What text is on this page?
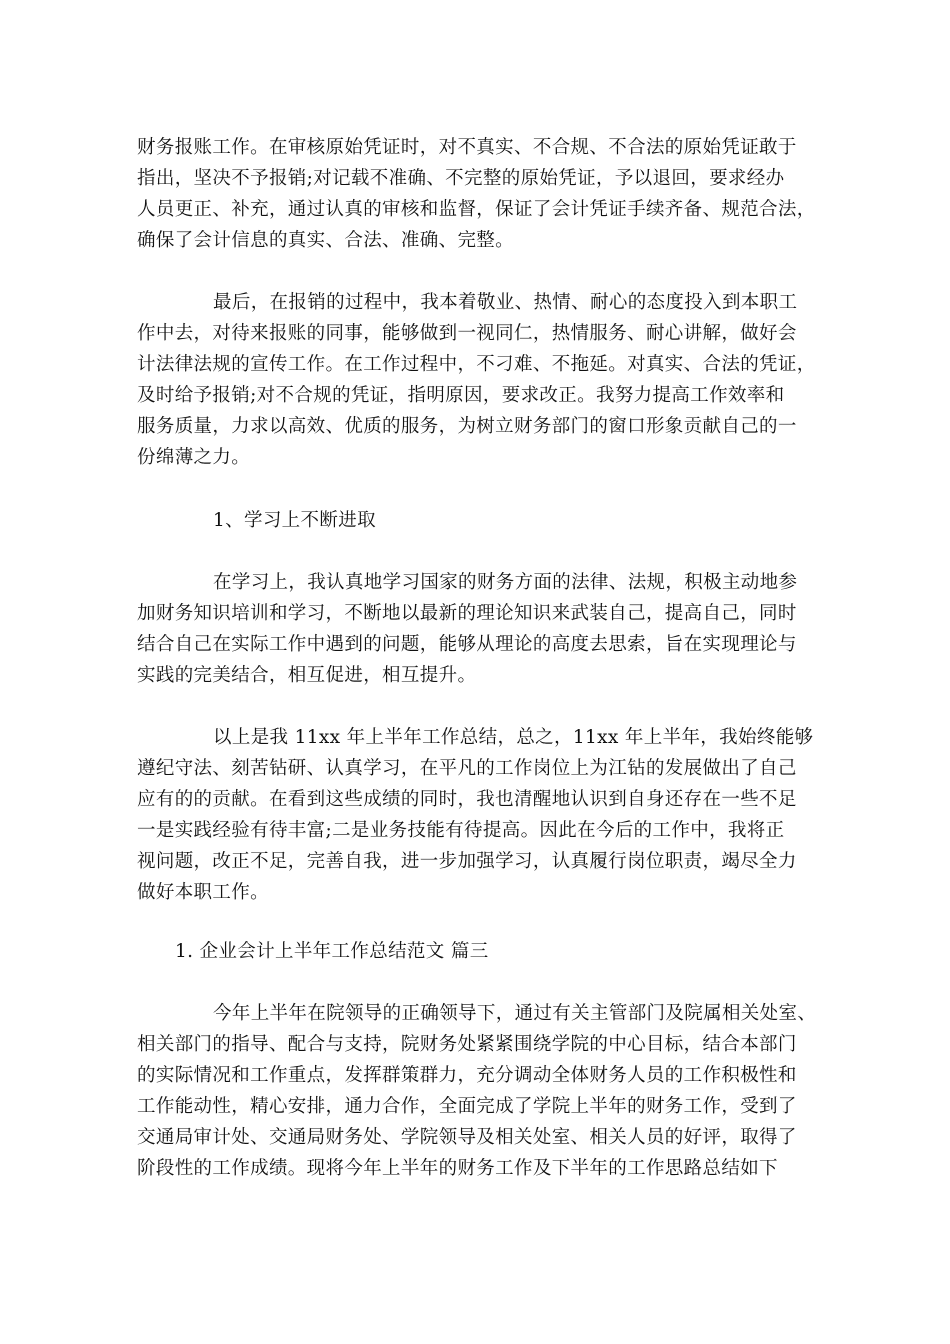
财务报账工作。在审核原始凭证时，对不真实、不合规、不合法的原始凭证敢于
指出，坚决不予报销;对记载不准确、不完整的原始凭证，予以退回，要求经办
人员更正、补充，通过认真的审核和监督，保证了会计凭证手续齐备、规范合法，
确保了会计信息的真实、合法、准确、完整。
最后，在报销的过程中，我本着敬业、热情、耐心的态度投入到本职工
作中去，对待来报账的同事，能够做到一视同仁，热情服务、耐心讲解，做好会
计法律法规的宣传工作。在工作过程中，不刁难、不拖延。对真实、合法的凭证，
及时给予报销;对不合规的凭证，指明原因，要求改正。我努力提高工作效率和
服务质量，力求以高效、优质的服务，为树立财务部门的窗口形象贡献自己的一
份绵薄之力。
1、学习上不断进取
在学习上，我认真地学习国家的财务方面的法律、法规，积极主动地参
加财务知识培训和学习，不断地以最新的理论知识来武装自己，提高自己，同时
结合自己在实际工作中遇到的问题，能够从理论的高度去思索，旨在实现理论与
实践的完美结合，相互促进，相互提升。
以上是我 11xx 年上半年工作总结，总之，11xx 年上半年，我始终能够
遵纪守法、刻苦钻研、认真学习，在平凡的工作岗位上为江钻的发展做出了自己
应有的的贡献。在看到这些成绩的同时，我也清醒地认识到自身还存在一些不足
一是实践经验有待丰富;二是业务技能有待提高。因此在今后的工作中，我将正
视问题，改正不足，完善自我，进一步加强学习，认真履行岗位职责，竭尽全力
做好本职工作。
1. 企业会计上半年工作总结范文 篇三
今年上半年在院领导的正确领导下，通过有关主管部门及院属相关处室、
相关部门的指导、配合与支持，院财务处紧紧围绕学院的中心目标，结合本部门
的实际情况和工作重点，发挥群策群力，充分调动全体财务人员的工作积极性和
工作能动性，精心安排，通力合作，全面完成了学院上半年的财务工作，受到了
交通局审计处、交通局财务处、学院领导及相关处室、相关人员的好评，取得了
阶段性的工作成绩。现将今年上半年的财务工作及下半年的工作思路总结如下
